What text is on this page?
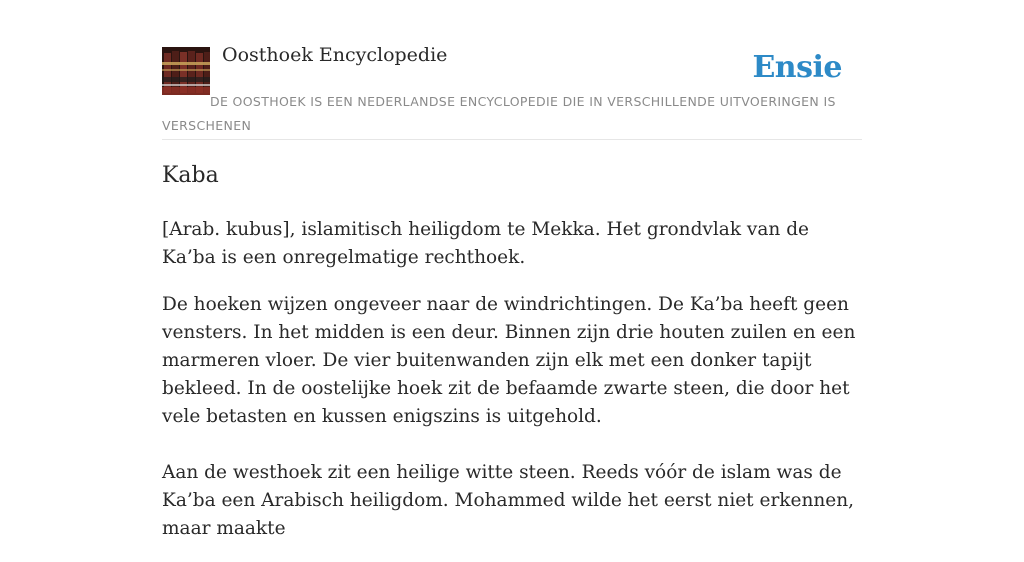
Oosthoek Encyclopedie	Ensie
DE OOSTHOEK IS EEN NEDERLANDSE ENCYCLOPEDIE DIE IN VERSCHILLENDE UITVOERINGEN IS VERSCHENEN
Kaba

[Arab. kubus], islamitisch heiligdom te Mekka. Het grondvlak van de Ka’ba is een onregelmatige rechthoek.

De hoeken wijzen ongeveer naar de windrichtingen. De Ka’ba heeft geen vensters. In het midden is een deur. Binnen zijn drie houten zuilen en een marmeren vloer. De vier buitenwanden zijn elk met een donker tapijt bekleed. In de oostelijke hoek zit de befaamde zwarte steen, die door het vele betasten en kussen enigszins is uitgehold.

Aan de westhoek zit een heilige witte steen. Reeds vóór de islam was de Ka’ba een Arabisch heiligdom. Mohammed wilde het eerst niet erkennen, maar maakte
